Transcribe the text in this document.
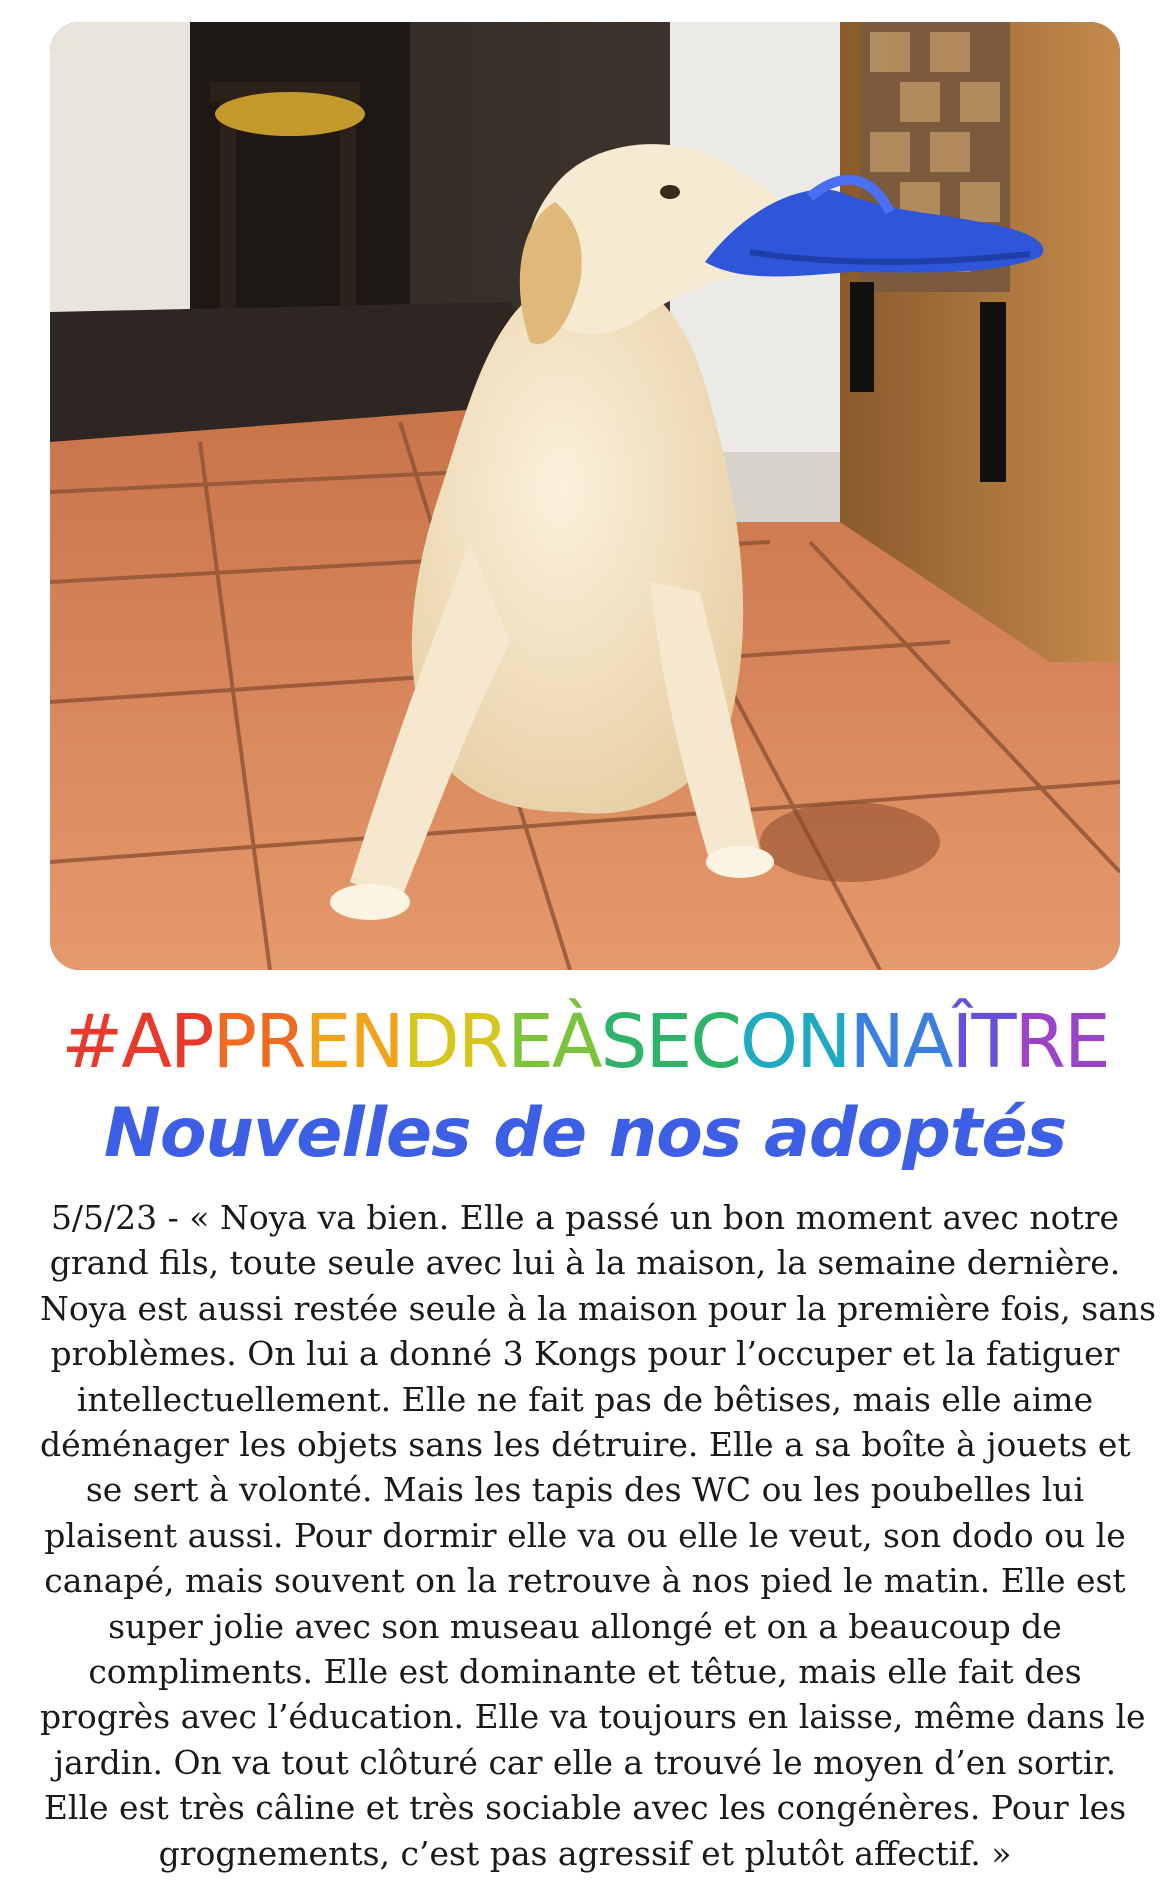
#APPRENDREÀSECONNAÎTRE
Nouvelles de nos adoptés
5/5/23 - « Noya va bien. Elle a passé un bon moment avec notre
grand fils, toute seule avec lui à la maison, la semaine dernière.
Noya est aussi restée seule à la maison pour la première fois, sans
problèmes. On lui a donné 3 Kongs pour l’occuper et la fatiguer
intellectuellement. Elle ne fait pas de bêtises, mais elle aime
déménager les objets sans les détruire. Elle a sa boîte à jouets et
se sert à volonté. Mais les tapis des WC ou les poubelles lui
plaisent aussi. Pour dormir elle va ou elle le veut, son dodo ou le
canapé, mais souvent on la retrouve à nos pied le matin. Elle est
super jolie avec son museau allongé et on a beaucoup de
compliments. Elle est dominante et têtue, mais elle fait des
progrès avec l’éducation. Elle va toujours en laisse, même dans le
jardin. On va tout clôturé car elle a trouvé le moyen d’en sortir.
Elle est très câline et très sociable avec les congénères. Pour les
grognements, c’est pas agressif et plutôt affectif. »
